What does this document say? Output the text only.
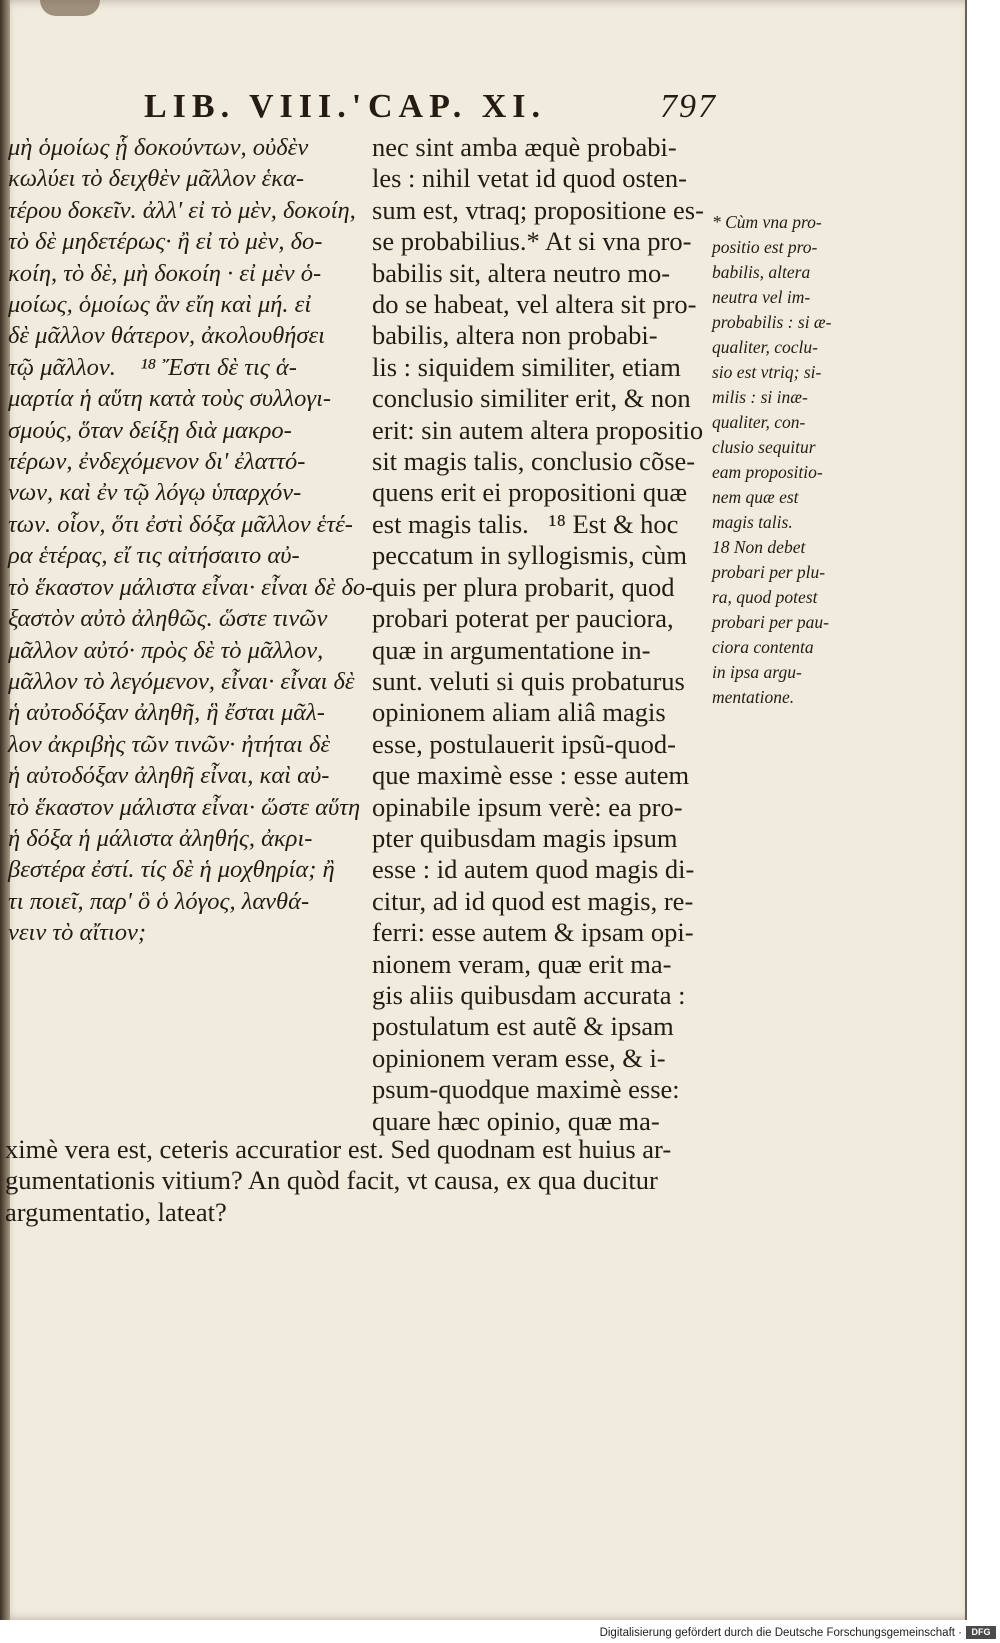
LIB. VIII.' CAP. XI.	797
μὴ ὁμοίως ᾗ δοκούντων, οὐδὲν
κωλύει τὸ δειχθὲν μᾶλλον ἑκα-
τέρου δοκεῖν. ἀλλ' εἰ τὸ μὲν, δοκοίη,
τὸ δὲ μηδετέρως· ἢ εἰ τὸ μὲν, δο-
κοίη, τὸ δὲ, μὴ δοκοίη · εἰ μὲν ὁ-
μοίως, ὁμοίως ἂν εἴη καὶ μή. εἰ
δὲ μᾶλλον θάτερον, ἀκολουθήσει
τῷ μᾶλλον.    ¹⁸ Ἔστι δὲ τις ἁ-
μαρτία ἡ αὕτη κατὰ τοὺς συλλογι-
σμούς, ὅταν δείξῃ διὰ μακρο-
τέρων, ἐνδεχόμενον δι' ἐλαττό-
νων, καὶ ἐν τῷ λόγῳ ὑπαρχόν-
των. οἷον, ὅτι ἐστὶ δόξα μᾶλλον ἑτέ-
ρα ἑτέρας, εἴ τις αἰτήσαιτο αὐ-
τὸ ἕκαστον μάλιστα εἶναι· εἶναι δὲ δο-
ξαστὸν αὐτὸ ἀληθῶς. ὥστε τινῶν
μᾶλλον αὐτό· πρὸς δὲ τὸ μᾶλλον,
μᾶλλον τὸ λεγόμενον, εἶναι· εἶναι δὲ
ἡ αὐτοδόξαν ἀληθῆ, ἣ ἔσται μᾶλ-
λον ἀκριβὴς τῶν τινῶν· ἠτήται δὲ
ἡ αὐτοδόξαν ἀληθῆ εἶναι, καὶ αὐ-
τὸ ἕκαστον μάλιστα εἶναι· ὥστε αὕτη
ἡ δόξα ἡ μάλιστα ἀληθής, ἀκρι-
βεστέρα ἐστί. τίς δὲ ἡ μοχθηρία; ἢ
τι ποιεῖ, παρ' ὃ ὁ λόγος, λανθά-
νειν τὸ αἴτιον;
nec sint amba æquè probabi-
les : nihil vetat id quod osten-
sum est, vtraq; propositione es-
se probabilius.* At si vna pro-
babilis sit, altera neutro mo-
do se habeat, vel altera sit pro-
babilis, altera non probabi-
lis : siquidem similiter, etiam
conclusio similiter erit, & non
erit: sin autem altera propositio
sit magis talis, conclusio cõse-
quens erit ei propositioni quæ
est magis talis.   ¹⁸ Est & hoc
peccatum in syllogismis, cùm
quis per plura probarit, quod
probari poterat per pauciora,
quæ in argumentatione in-
sunt. veluti si quis probaturus
opinionem aliam aliâ magis
esse, postulauerit ipsũ-quod-
que maximè esse : esse autem
opinabile ipsum verè: ea pro-
pter quibusdam magis ipsum
esse : id autem quod magis di-
citur, ad id quod est magis, re-
ferri: esse autem & ipsam opi-
nionem veram, quæ erit ma-
gis aliis quibusdam accurata :
postulatum est autẽ & ipsam
opinionem veram esse, & i-
psum-quodque maximè esse:
quare hæc opinio, quæ ma-
* Cùm vna pro-
positio est pro-
babilis, altera
neutra vel im-
probabilis : si æ-
qualiter, coclu-
sio est vtriq; si-
milis : si inæ-
qualiter, con-
clusio sequitur
eam propositio-
nem quæ est
magis talis.
18 Non debet
probari per plu-
ra, quod potest
probari per pau-
ciora contenta
in ipsa argu-
mentatione.
ximè vera est, ceteris accuratior est. Sed quodnam est huius ar-
gumentationis vitium? An quòd facit, vt causa, ex qua ducitur
argumentatio, lateat?
Digitalisierung gefördert durch die Deutsche Forschungsgemeinschaft ·	DFG
